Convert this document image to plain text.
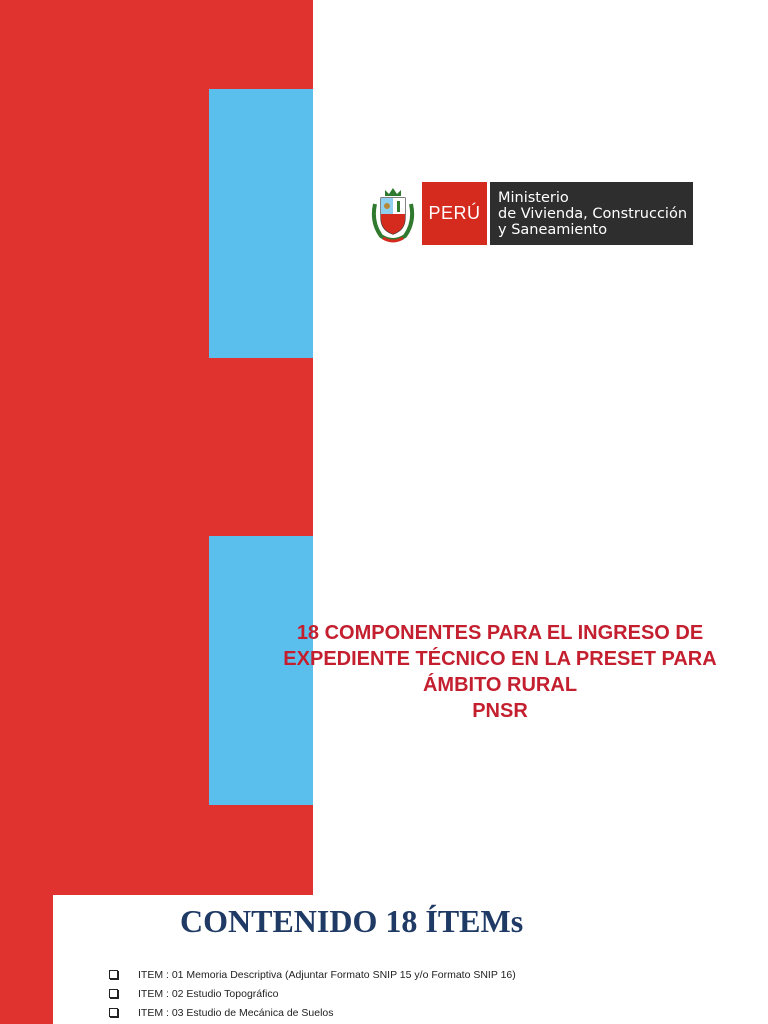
PERÚ
Ministerio
de Vivienda, Construcción
y Saneamiento
18 COMPONENTES PARA EL INGRESO DE
EXPEDIENTE TÉCNICO EN LA PRESET PARA
ÁMBITO RURAL
PNSR
CONTENIDO 18 ÍTEMs
ITEM : 01 Memoria Descriptiva (Adjuntar Formato SNIP 15 y/o Formato SNIP 16)
ITEM : 02 Estudio Topográfico
ITEM : 03 Estudio de Mecánica de Suelos
